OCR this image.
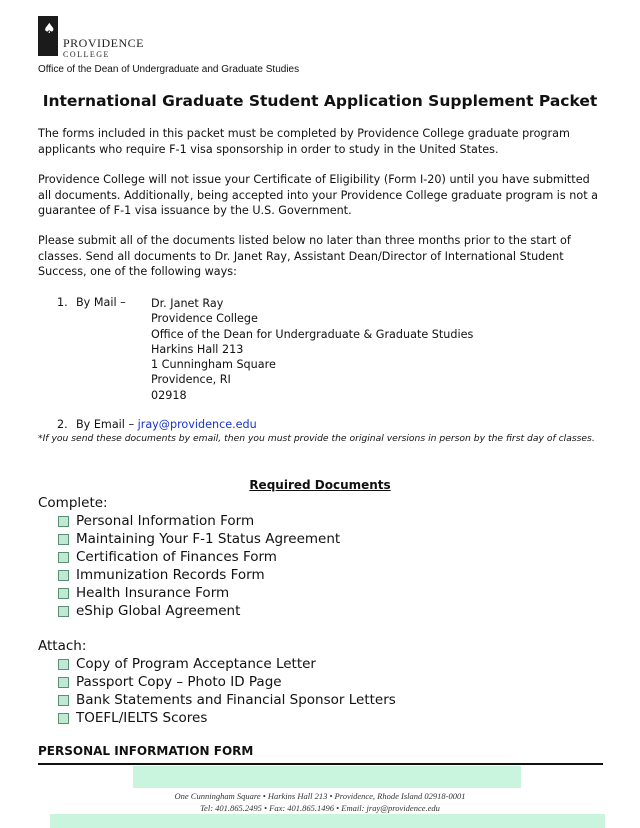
♠
PROVIDENCE
COLLEGE
Office of the Dean of Undergraduate and Graduate Studies
International Graduate Student Application Supplement Packet
The forms included in this packet must be completed by Providence College graduate program applicants who require F-1 visa sponsorship in order to study in the United States.
Providence College will not issue your Certificate of Eligibility (Form I-20) until you have submitted all documents. Additionally, being accepted into your Providence College graduate program is not a guarantee of F-1 visa issuance by the U.S. Government.
Please submit all of the documents listed below no later than three months prior to the start of classes. Send all documents to Dr. Janet Ray, Assistant Dean/Director of International Student Success, one of the following ways:
1. By Mail – Dr. Janet Ray
Providence College
Office of the Dean for Undergraduate & Graduate Studies
Harkins Hall 213
1 Cunningham Square
Providence, RI
02918
2. By Email – jray@providence.edu
*If you send these documents by email, then you must provide the original versions in person by the first day of classes.
Required Documents
Complete:
Personal Information Form
Maintaining Your F-1 Status Agreement
Certification of Finances Form
Immunization Records Form
Health Insurance Form
eShip Global Agreement
Attach:
Copy of Program Acceptance Letter
Passport Copy – Photo ID Page
Bank Statements and Financial Sponsor Letters
TOEFL/IELTS Scores
PERSONAL INFORMATION FORM
One Cunningham Square • Harkins Hall 213 • Providence, Rhode Island 02918-0001
Tel: 401.865.2495 • Fax: 401.865.1496 • Email: jray@providence.edu
